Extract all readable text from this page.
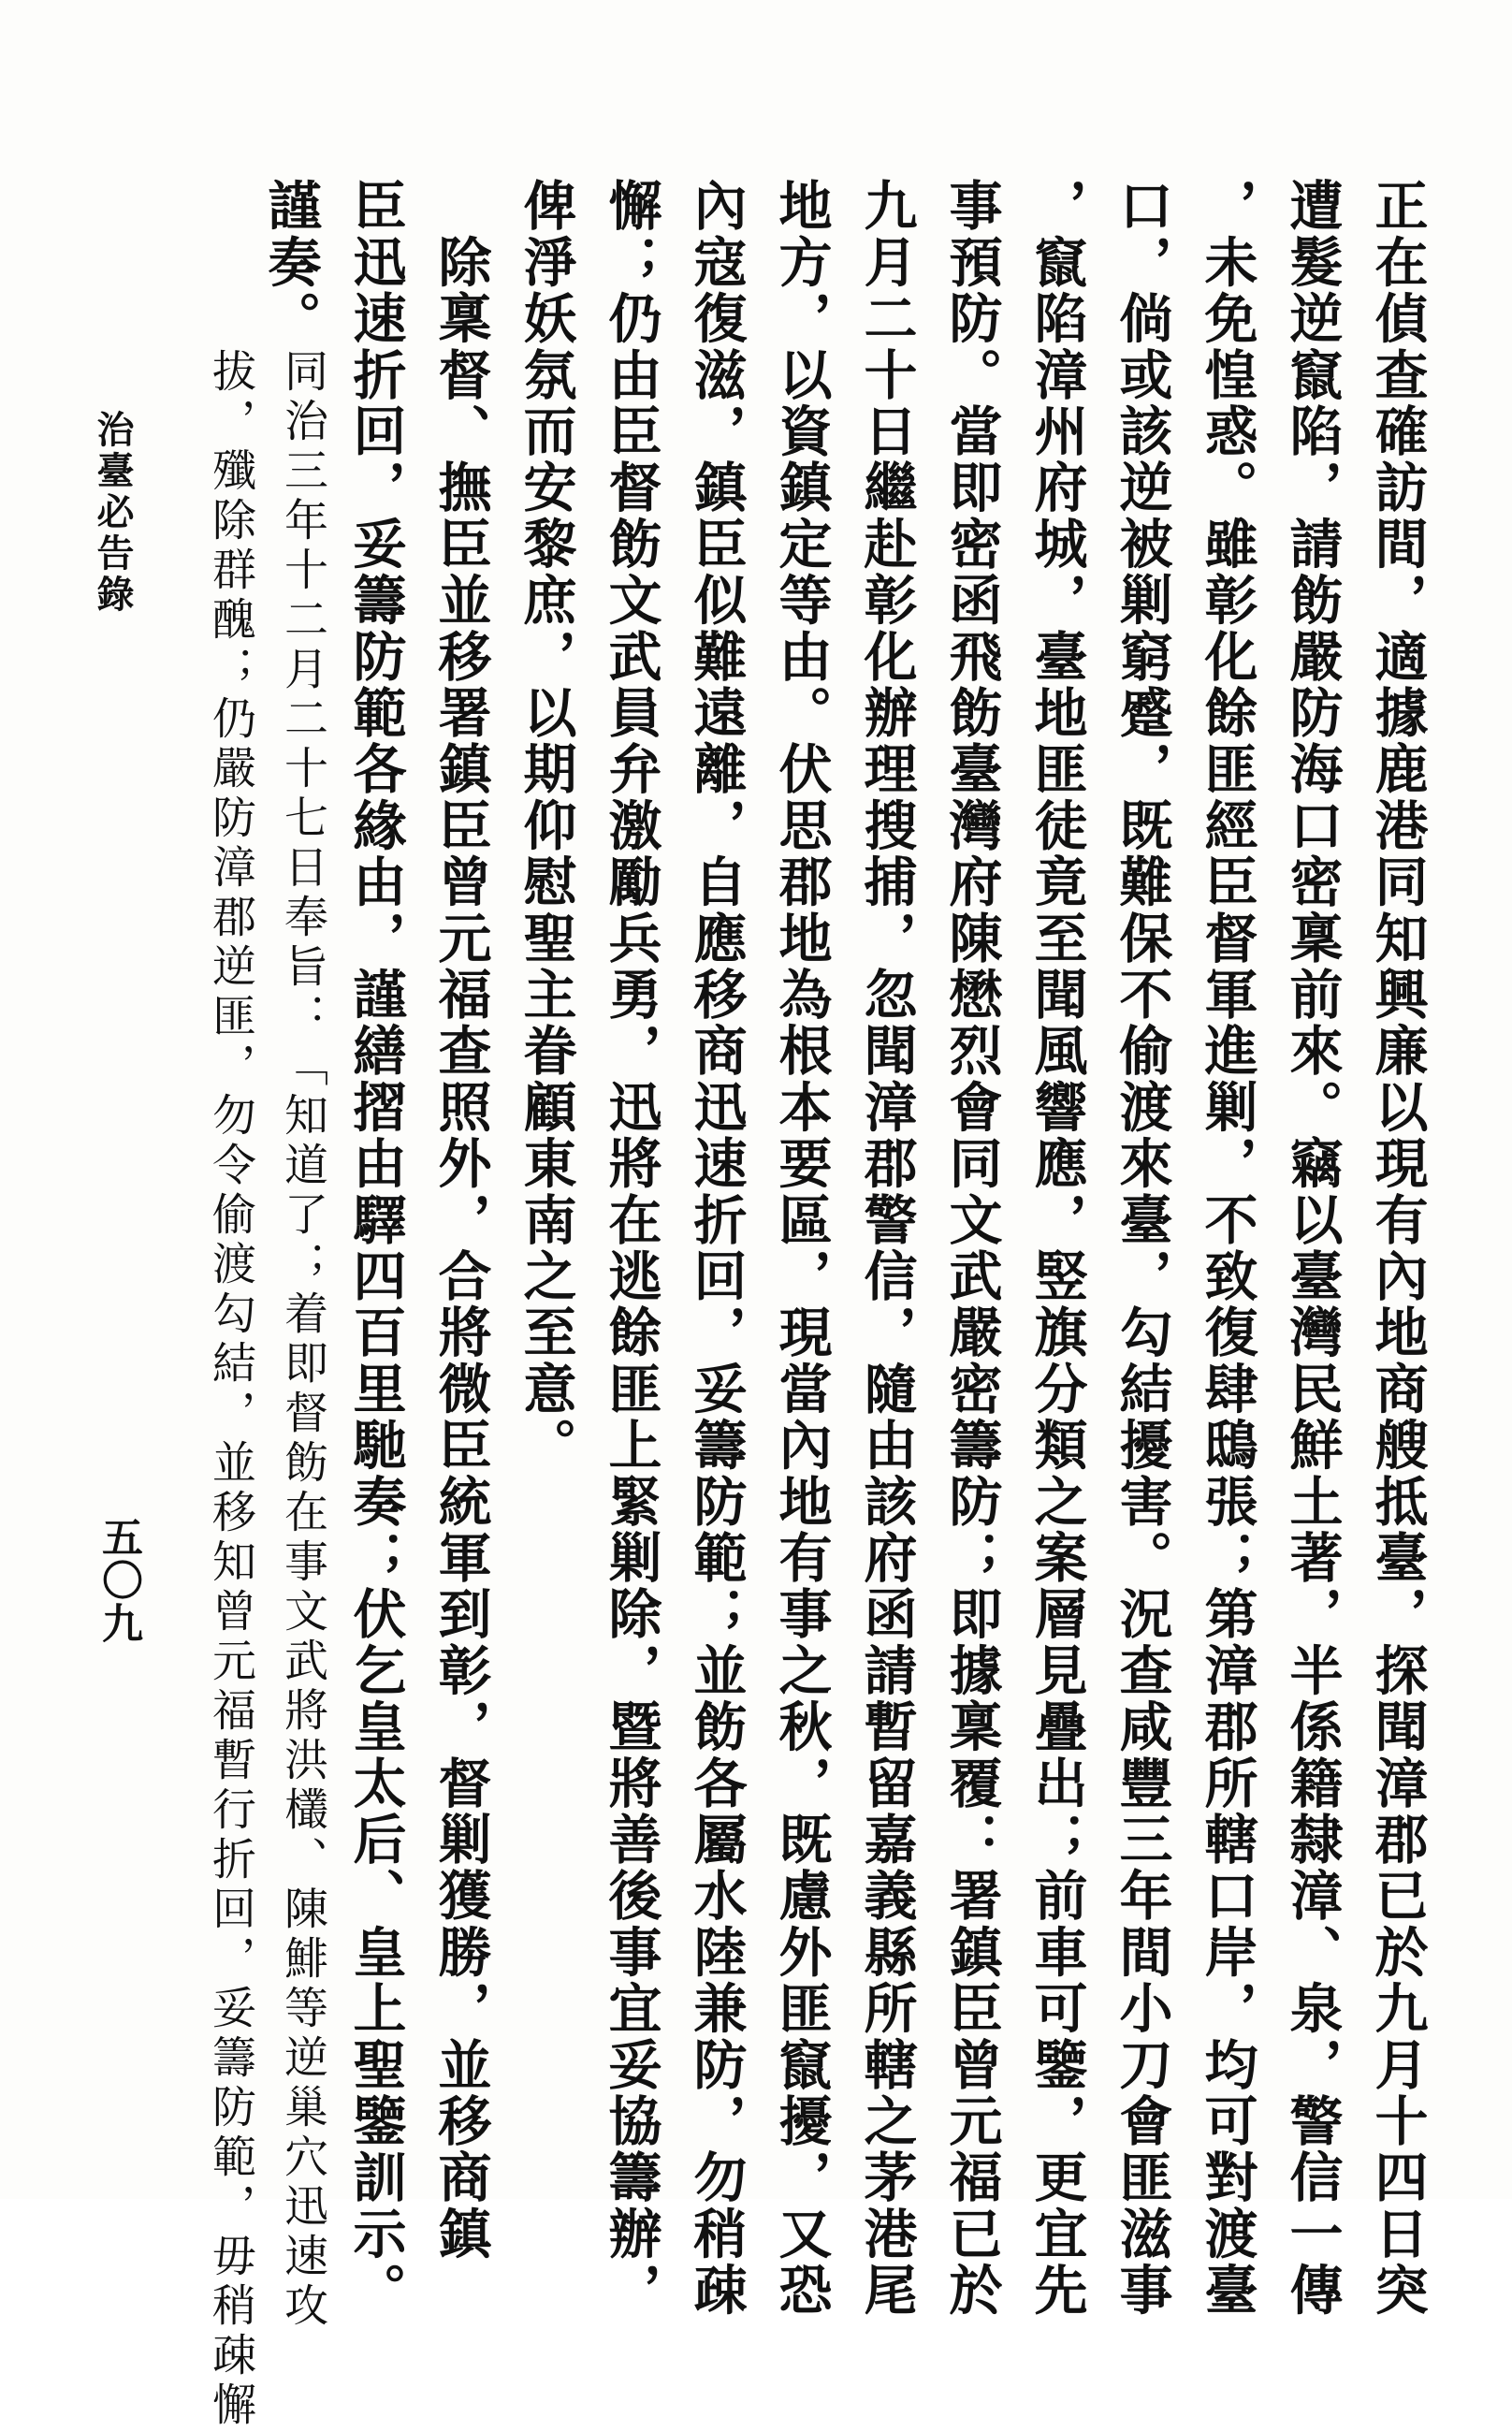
正在偵查確訪間，適據鹿港同知興廉以現有內地商艘抵臺，探聞漳郡已於九月十四日突
遭髮逆竄陷，請飭嚴防海口密稟前來。竊以臺灣民鮮土著，半係籍隸漳、泉，警信一傳
，未免惶惑。雖彰化餘匪經臣督軍進剿，不致復肆鴟張；第漳郡所轄口岸，均可對渡臺
口，倘或該逆被剿窮蹙，既難保不偷渡來臺，勾結擾害。況查咸豐三年間小刀會匪滋事
，竄陷漳州府城，臺地匪徒竟至聞風響應，竪旗分類之案層見疊出；前車可鑒，更宜先
事預防。當即密函飛飭臺灣府陳懋烈會同文武嚴密籌防；即據稟覆：署鎮臣曾元福已於
九月二十日繼赴彰化辦理搜捕，忽聞漳郡警信，隨由該府函請暫留嘉義縣所轄之茅港尾
地方，以資鎮定等由。伏思郡地為根本要區，現當內地有事之秋，既慮外匪竄擾，又恐
內寇復滋，鎮臣似難遠離，自應移商迅速折回，妥籌防範；並飭各屬水陸兼防，勿稍疎
懈；仍由臣督飭文武員弁激勵兵勇，迅將在逃餘匪上緊剿除，暨將善後事宜妥協籌辦，
俾淨妖氛而安黎庶，以期仰慰聖主眷顧東南之至意。
　除稟督、撫臣並移署鎮臣曾元福查照外，合將微臣統軍到彰，督剿獲勝，並移商鎮
臣迅速折回，妥籌防範各緣由，謹繕摺由驛四百里馳奏；伏乞皇太后、皇上聖鑒訓示。
謹奏。
同治三年十二月二十七日奉旨：「知道了；着即督飭在事文武將洪欉、陳鯡等逆巢穴迅速攻
拔，殲除群醜；仍嚴防漳郡逆匪，勿令偷渡勾結，並移知曾元福暫行折回，妥籌防範，毋稍疎懈
治臺必告錄
五〇九
